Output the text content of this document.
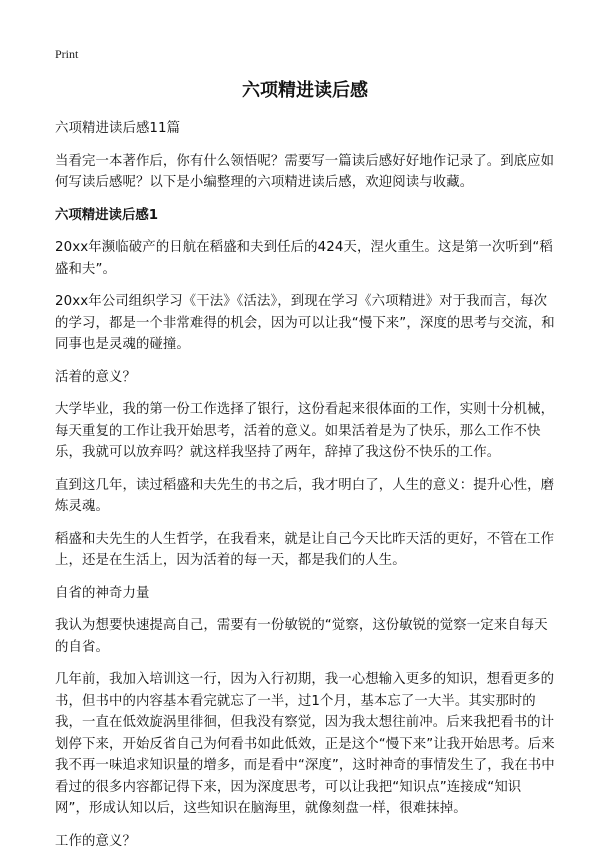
Print
六项精进读后感

六项精进读后感11篇

当看完一本著作后，你有什么领悟呢？需要写一篇读后感好好地作记录了。到底应如何写读后感呢？以下是小编整理的六项精进读后感，欢迎阅读与收藏。

六项精进读后感1

20xx年濒临破产的日航在稻盛和夫到任后的424天，涅火重生。这是第一次听到“稻盛和夫”。

20xx年公司组织学习《干法》《活法》，到现在学习《六项精进》对于我而言，每次的学习，都是一个非常难得的机会，因为可以让我“慢下来”，深度的思考与交流，和同事也是灵魂的碰撞。

活着的意义？

大学毕业，我的第一份工作选择了银行，这份看起来很体面的工作，实则十分机械，每天重复的工作让我开始思考，活着的意义。如果活着是为了快乐，那么工作不快乐，我就可以放弃吗？就这样我坚持了两年，辞掉了我这份不快乐的工作。

直到这几年，读过稻盛和夫先生的书之后，我才明白了，人生的意义：提升心性，磨炼灵魂。

稻盛和夫先生的人生哲学，在我看来，就是让自己今天比昨天活的更好，不管在工作上，还是在生活上，因为活着的每一天，都是我们的人生。

自省的神奇力量

我认为想要快速提高自己，需要有一份敏锐的“觉察，这份敏锐的觉察一定来自每天的自省。

几年前，我加入培训这一行，因为入行初期，我一心想输入更多的知识，想看更多的书，但书中的内容基本看完就忘了一半，过1个月，基本忘了一大半。其实那时的我，一直在低效旋涡里徘徊，但我没有察觉，因为我太想往前冲。后来我把看书的计划停下来，开始反省自己为何看书如此低效，正是这个“慢下来”让我开始思考。后来我不再一味追求知识量的增多，而是看中“深度”，这时神奇的事情发生了，我在书中看过的很多内容都记得下来，因为深度思考，可以让我把“知识点”连接成“知识网”，形成认知以后，这些知识在脑海里，就像刻盘一样，很难抹掉。

工作的意义？
